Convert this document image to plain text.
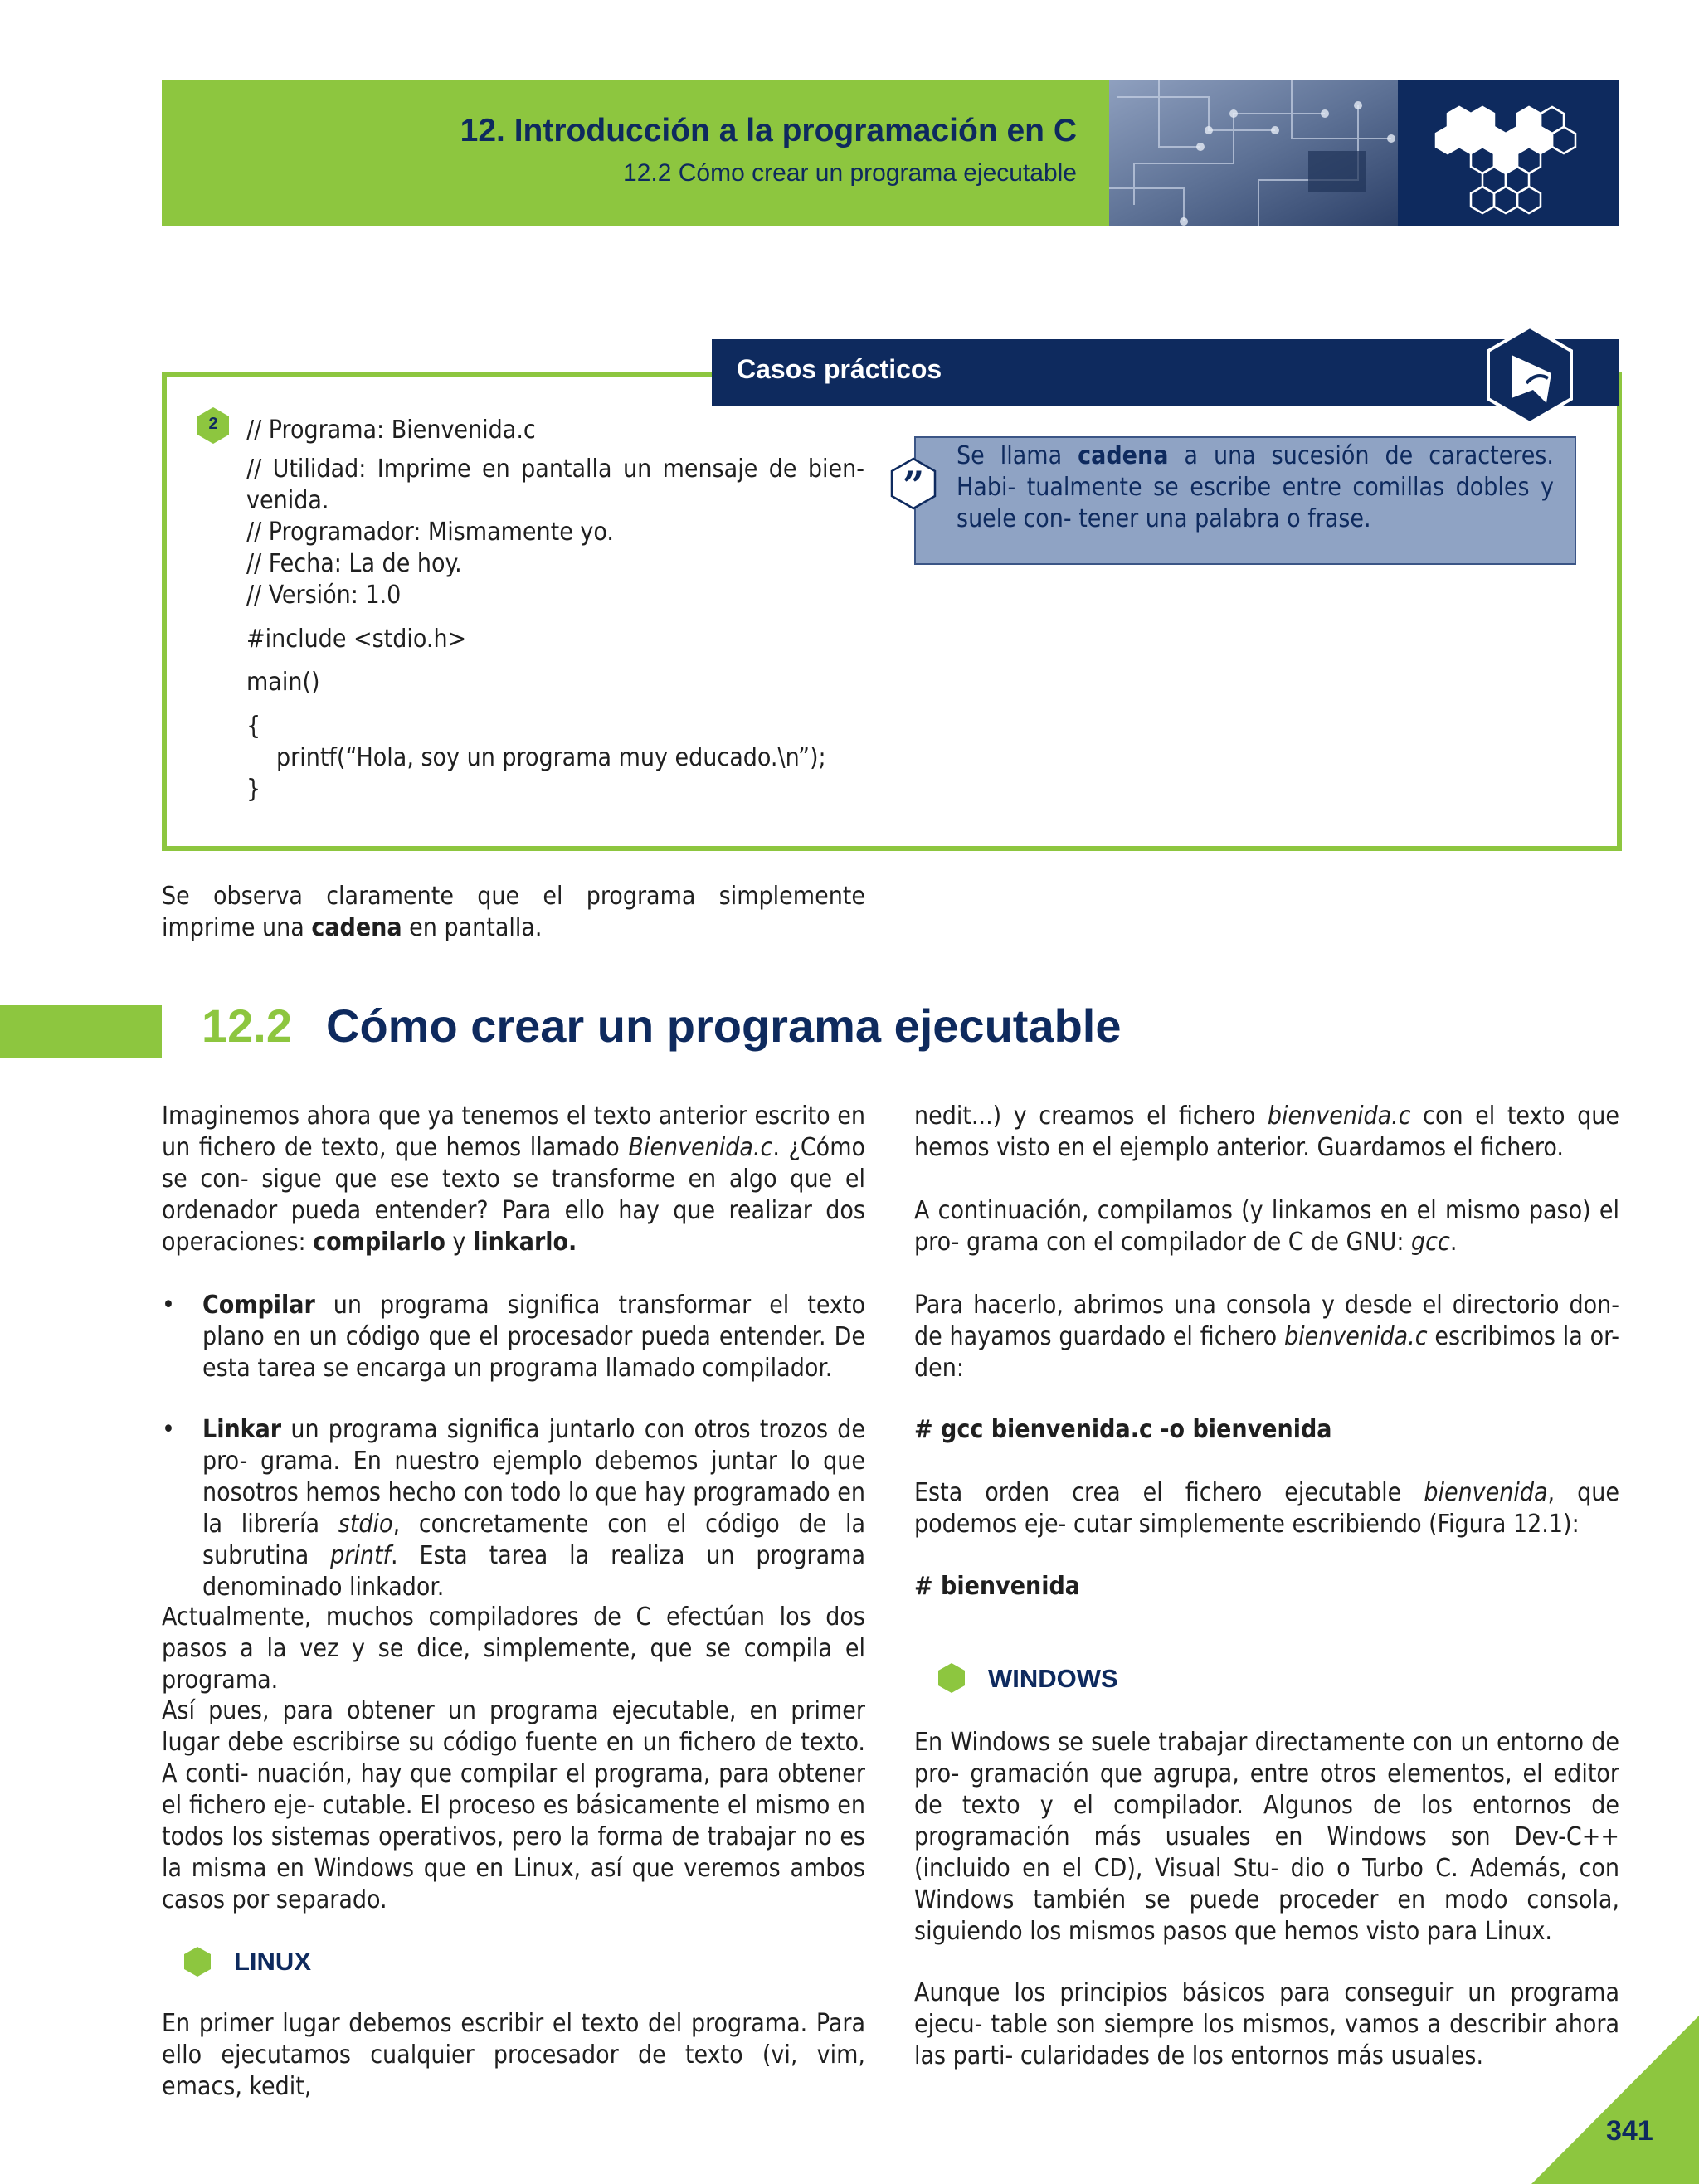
12. Introducción a la programación en C
12.2 Cómo crear un programa ejecutable
Casos prácticos
2	// Programa: Bienvenida.c
// Utilidad: Imprime en pantalla un mensaje de bien-
venida.
// Programador: Mismamente yo.
// Fecha: La de hoy.
// Versión: 1.0
#include <stdio.h>
main()
{
printf(“Hola, soy un programa muy educado.\n”);
}
”
Se llama cadena a una sucesión de caracteres. Habi- tualmente se escribe entre comillas dobles y suele con- tener una palabra o frase.
Se observa claramente que el programa simplemente imprime una cadena en pantalla.
12.2 Cómo crear un programa ejecutable
Imaginemos ahora que ya tenemos el texto anterior escrito en un fichero de texto, que hemos llamado Bienvenida.c. ¿Cómo se con- sigue que ese texto se transforme en algo que el ordenador pueda entender? Para ello hay que realizar dos operaciones: compilarlo y linkarlo.
• Compilar un programa significa transformar el texto plano en un código que el procesador pueda entender. De esta tarea se encarga un programa llamado compilador.
• Linkar un programa significa juntarlo con otros trozos de pro- grama. En nuestro ejemplo debemos juntar lo que nosotros hemos hecho con todo lo que hay programado en la librería stdio, concretamente con el código de la subrutina printf. Esta tarea la realiza un programa denominado linkador.
Actualmente, muchos compiladores de C efectúan los dos pasos a la vez y se dice, simplemente, que se compila el programa.
Así pues, para obtener un programa ejecutable, en primer lugar debe escribirse su código fuente en un fichero de texto. A conti- nuación, hay que compilar el programa, para obtener el fichero eje- cutable. El proceso es básicamente el mismo en todos los sistemas operativos, pero la forma de trabajar no es la misma en Windows que en Linux, así que veremos ambos casos por separado.
LINUX
En primer lugar debemos escribir el texto del programa. Para ello ejecutamos cualquier procesador de texto (vi, vim, emacs, kedit,
nedit...) y creamos el fichero bienvenida.c con el texto que hemos visto en el ejemplo anterior. Guardamos el fichero.
A continuación, compilamos (y linkamos en el mismo paso) el pro- grama con el compilador de C de GNU: gcc.
Para hacerlo, abrimos una consola y desde el directorio don- de hayamos guardado el fichero bienvenida.c escribimos la or- den:
# gcc bienvenida.c -o bienvenida
Esta orden crea el fichero ejecutable bienvenida, que podemos eje- cutar simplemente escribiendo (Figura 12.1):
# bienvenida
WINDOWS
En Windows se suele trabajar directamente con un entorno de pro- gramación que agrupa, entre otros elementos, el editor de texto y el compilador. Algunos de los entornos de programación más usuales en Windows son Dev-C++ (incluido en el CD), Visual Stu- dio o Turbo C. Además, con Windows también se puede proceder en modo consola, siguiendo los mismos pasos que hemos visto para Linux.
Aunque los principios básicos para conseguir un programa ejecu- table son siempre los mismos, vamos a describir ahora las parti- cularidades de los entornos más usuales.
341
